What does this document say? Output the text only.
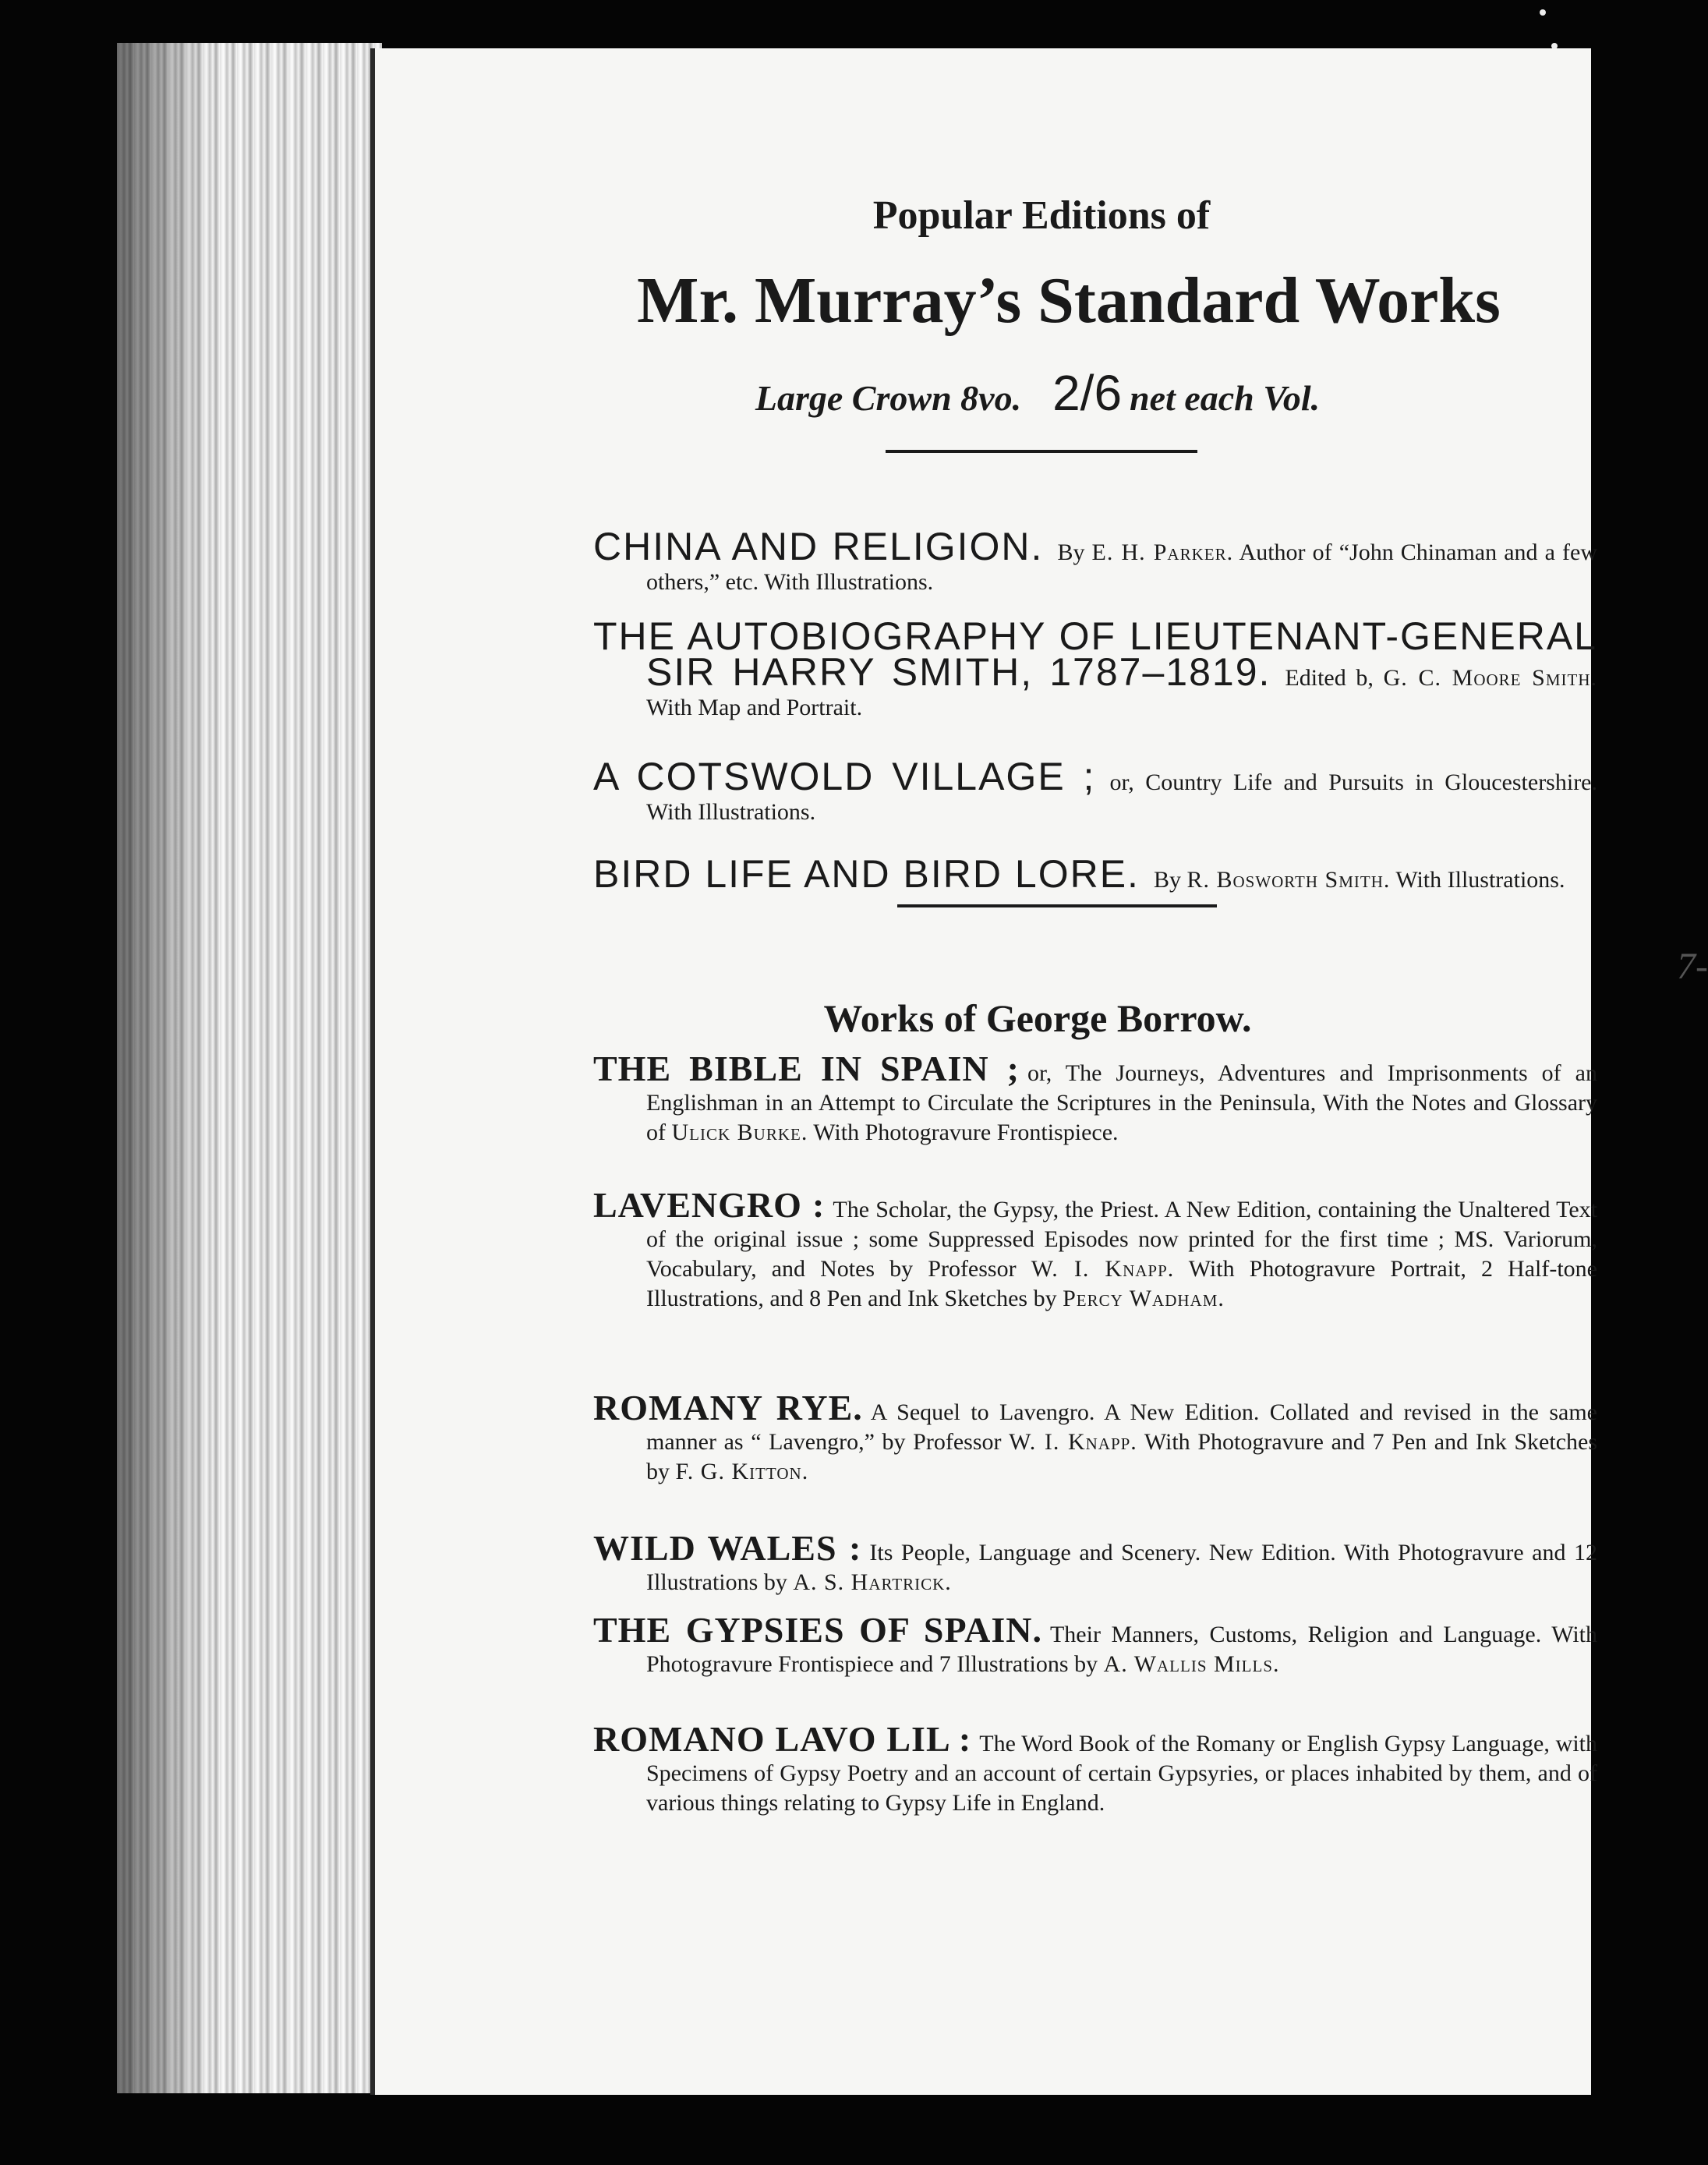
Popular Editions of
Mr. Murray’s Standard Works
Large Crown 8vo. 2/6 net each Vol.
CHINA AND RELIGION. By E. H. Parker. Author of “John Chinaman and a few others,” etc. With Illustrations.
THE AUTOBIOGRAPHY OF LIEUTENANT-GENERAL SIR HARRY SMITH, 1787–1819. Edited b, G. C. Moore Smith. With Map and Portrait.
A COTSWOLD VILLAGE ; or, Country Life and Pursuits in Gloucestershire. With Illustrations.
BIRD LIFE AND BIRD LORE. By R. Bosworth Smith. With Illustrations.
Works of George Borrow.
THE BIBLE IN SPAIN ; or, The Journeys, Adventures and Imprisonments of an Englishman in an Attempt to Circulate the Scriptures in the Peninsula, With the Notes and Glossary of Ulick Burke. With Photogravure Frontispiece.
LAVENGRO : The Scholar, the Gypsy, the Priest. A New Edition, containing the Unaltered Text of the original issue ; some Suppressed Episodes now printed for the first time ; MS. Variorum, Vocabulary, and Notes by Professor W. I. Knapp. With Photogravure Portrait, 2 Half-tone Illustrations, and 8 Pen and Ink Sketches by Percy Wadham.
ROMANY RYE. A Sequel to Lavengro. A New Edition. Collated and revised in the same manner as “ Lavengro,” by Professor W. I. Knapp. With Photogravure and 7 Pen and Ink Sketches by F. G. Kitton.
WILD WALES : Its People, Language and Scenery. New Edition. With Photogravure and 12 Illustrations by A. S. Hartrick.
THE GYPSIES OF SPAIN. Their Manners, Customs, Religion and Language. With Photogravure Frontispiece and 7 Illustrations by A. Wallis Mills.
ROMANO LAVO LIL : The Word Book of the Romany or English Gypsy Language, with Specimens of Gypsy Poetry and an account of certain Gypsyries, or places inhabited by them, and of various things relating to Gypsy Life in England.
7-
